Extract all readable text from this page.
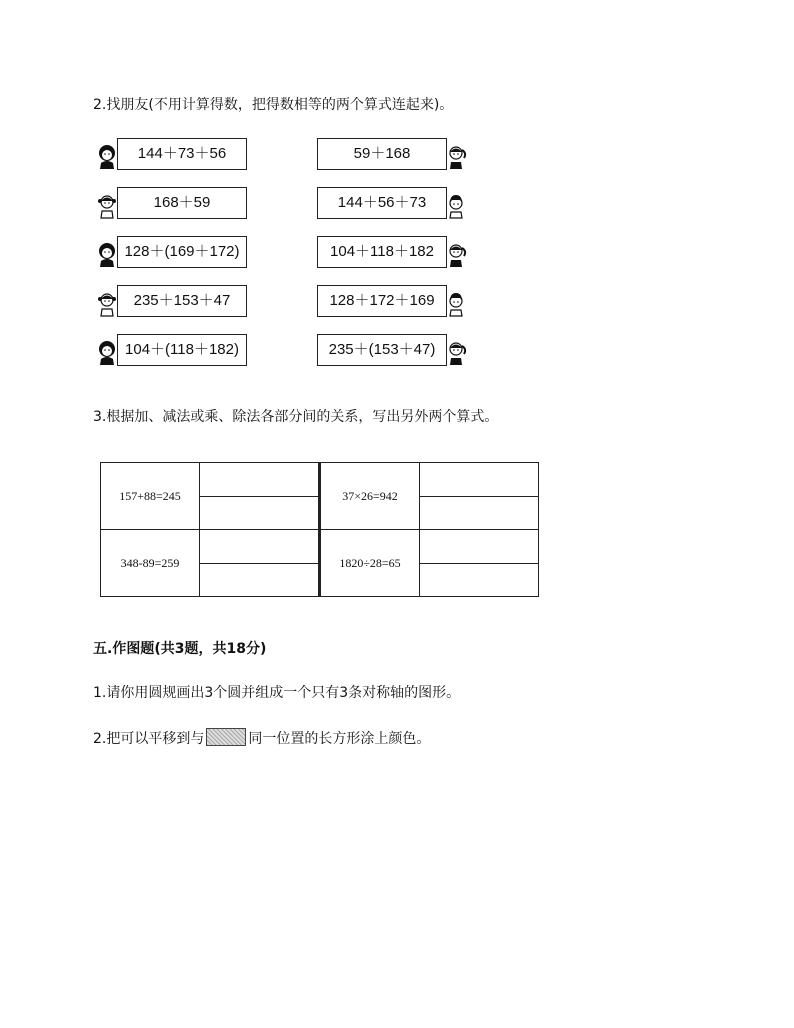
2.找朋友(不用计算得数，把得数相等的两个算式连起来)。
144＋73＋56
168＋59
128＋(169＋172)
235＋153＋47
104＋(118＋182)
59＋168
144＋56＋73
104＋118＋182
128＋172＋169
235＋(153＋47)
3.根据加、减法或乘、除法各部分间的关系，写出另外两个算式。
157+88=245		37×26=942	

348-89=259		1820÷28=65	

五.作图题(共3题，共18分)
1.请你用圆规画出3个圆并组成一个只有3条对称轴的图形。
2.把可以平移到与	同一位置的长方形涂上颜色。
